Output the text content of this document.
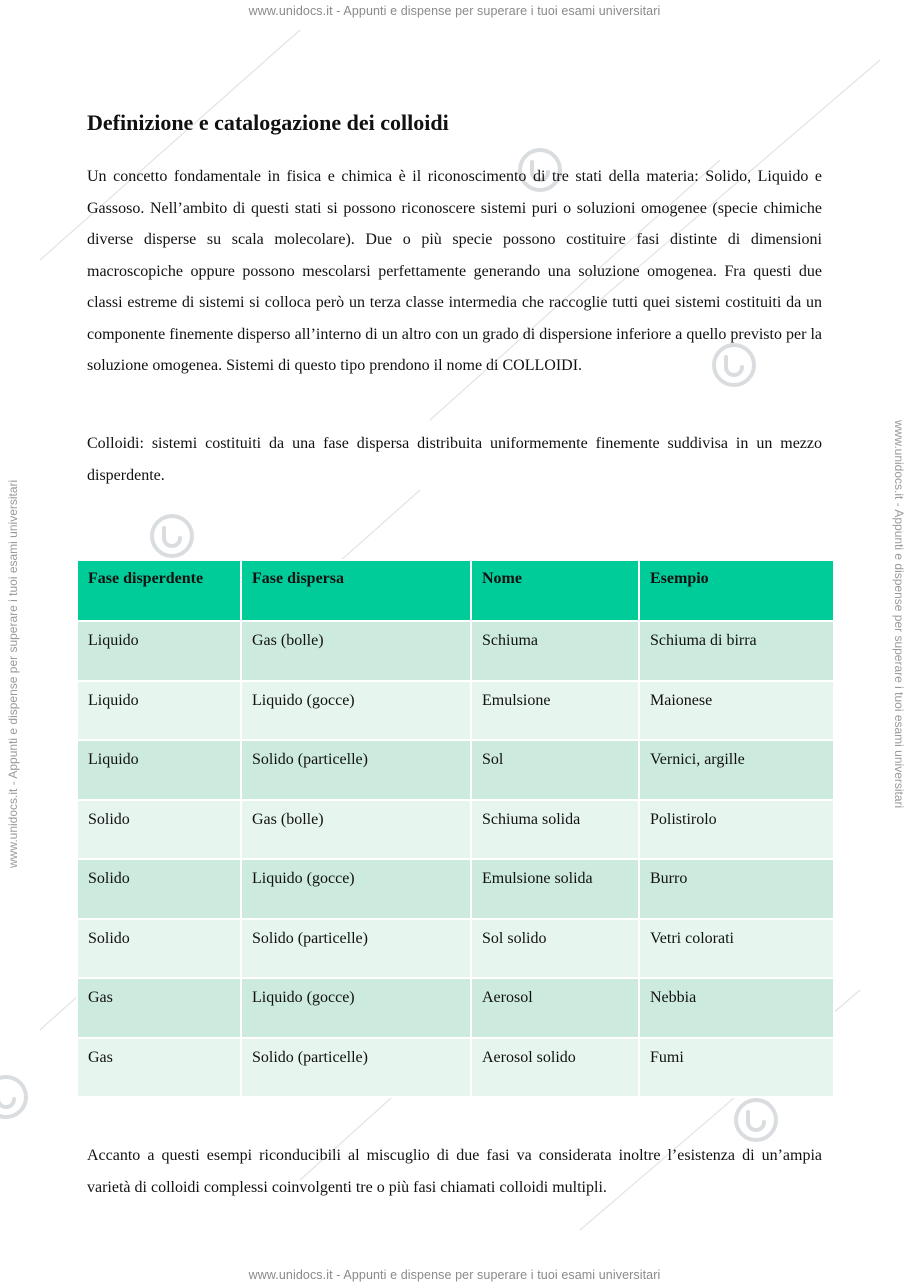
www.unidocs.it - Appunti e dispense per superare i tuoi esami universitari
www.unidocs.it - Appunti e dispense per superare i tuoi esami universitari	www.unidocs.it - Appunti e dispense per superare i tuoi esami universitari
Definizione e catalogazione dei colloidi

Un concetto fondamentale in fisica e chimica è il riconoscimento di tre stati della materia: Solido, Liquido e Gassoso. Nell’ambito di questi stati si possono riconoscere sistemi puri o soluzioni omogenee (specie chimiche diverse disperse su scala molecolare). Due o più specie possono costituire fasi distinte di dimensioni macroscopiche oppure possono mescolarsi perfettamente generando una soluzione omogenea. Fra questi due classi estreme di sistemi si colloca però un terza classe intermedia che raccoglie tutti quei sistemi costituiti da un componente finemente disperso all’interno di un altro con un grado di dispersione inferiore a quello previsto per la soluzione omogenea. Sistemi di questo tipo prendono il nome di COLLOIDI.

Colloidi: sistemi costituiti da una fase dispersa distribuita uniformemente finemente suddivisa in un mezzo disperdente.

Fase disperdente	Fase dispersa	Nome	Esempio
Liquido	Gas (bolle)	Schiuma	Schiuma di birra
Liquido	Liquido (gocce)	Emulsione	Maionese
Liquido	Solido (particelle)	Sol	Vernici, argille
Solido	Gas (bolle)	Schiuma solida	Polistirolo
Solido	Liquido (gocce)	Emulsione solida	Burro
Solido	Solido (particelle)	Sol solido	Vetri colorati
Gas	Liquido (gocce)	Aerosol	Nebbia
Gas	Solido (particelle)	Aerosol solido	Fumi

Accanto a questi esempi riconducibili al miscuglio di due fasi va considerata inoltre l’esistenza di un’ampia varietà di colloidi complessi coinvolgenti tre o più fasi chiamati colloidi multipli.

www.unidocs.it - Appunti e dispense per superare i tuoi esami universitari
